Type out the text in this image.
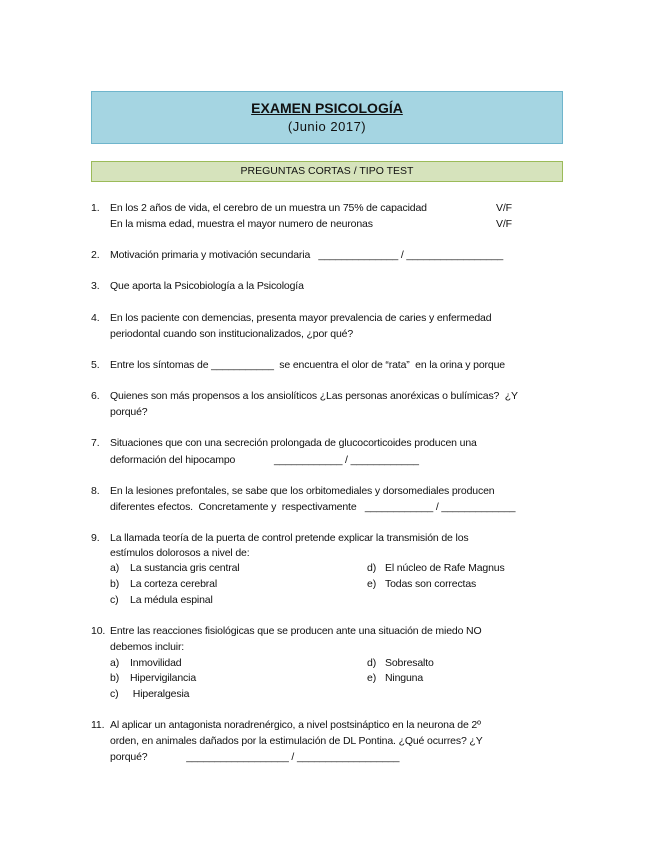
EXAMEN PSICOLOGÍA
(Junio 2017)
PREGUNTAS CORTAS / TIPO TEST
1. En los 2 años de vida, el cerebro de un muestra un 75% de capacidad	V/F
En la misma edad, muestra el mayor numero de neuronas	V/F
2. Motivación primaria y motivación secundaria   ______________ / _________________
3. Que aporta la Psicobiología a la Psicología
4. En los paciente con demencias, presenta mayor prevalencia de caries y enfermedad
periodontal cuando son institucionalizados, ¿por qué?
5. Entre los síntomas de ___________  se encuentra el olor de “rata”  en la orina y porque
6. Quienes son más propensos a los ansiolíticos ¿Las personas anoréxicas o bulímicas?  ¿Y
porqué?
7. Situaciones que con una secreción prolongada de glucocorticoides producen una
deformación del hipocampo              ____________ / ____________
8. En la lesiones prefontales, se sabe que los orbitomediales y dorsomediales producen
diferentes efectos.  Concretamente y  respectivamente   ____________ / _____________
9. La llamada teoría de la puerta de control pretende explicar la transmisión de los
estímulos dolorosos a nivel de:
a) La sustancia gris central
b) La corteza cerebral
c) La médula espinal
d) El núcleo de Rafe Magnus
e) Todas son correctas
10. Entre las reacciones fisiológicas que se producen ante una situación de miedo NO
debemos incluir:
a) Inmovilidad
b) Hipervigilancia
c) Hiperalgesia
d) Sobresalto
e) Ninguna
11. Al aplicar un antagonista noradrenérgico, a nivel postsináptico en la neurona de 2º
orden, en animales dañados por la estimulación de DL Pontina. ¿Qué ocurres? ¿Y
porqué?              __________________ / __________________
